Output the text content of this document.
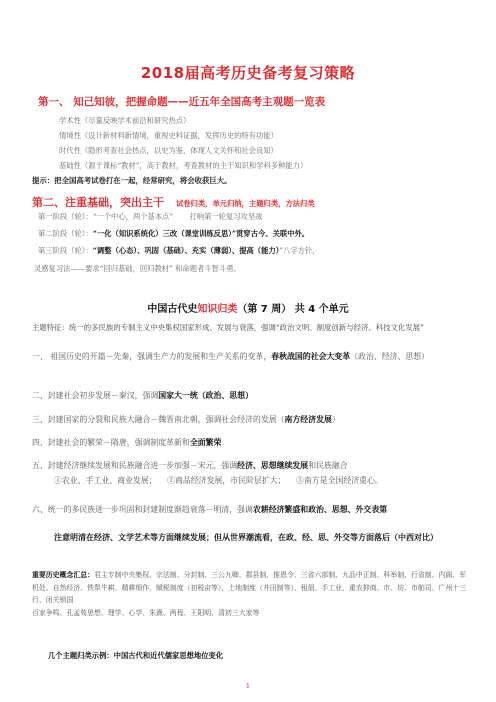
2018届高考历史备考复习策略
第一、 知己知彼，把握命题——近五年全国高考主观题一览表
学术性（尽量反映学术前沿和研究热点）
情境性（设计新材料新情境，重视史料证据，发挥历史的特有功能）
时代性（隐形考查社会热点，以史为鉴，体现人文关怀和社会良知）
基础性（源于课标“教材”，高于教材，考查教材的主干知识和学科多种能力）
提示：把全国高考试卷打在一起，经常研究，将会收获巨大。
第二、注重基础，突出主干 试卷归类，单元归纳，主题归类，方法归类
第一阶段（轮）：“一个中心，两个基本点” 打响第一轮复习攻坚战
第二阶段（轮）：“一化（知识系统化）三改（课堂训练反思）”贯穿古今、关联中外。
第三阶段（轮）：“调整（心态）、巩固（基础）、充实（薄弱）、提高（能力）”八字方针，
灵感复习法——要求“回归基础，回归教材” 和命题者斗智斗勇。
中国古代史知识归类（第 7 周） 共 4 个单元
主题特征：统一的多民族的专制主义中央集权国家形成、发展与衰落，强调“政治文明、制度创新与经济、科技文化发展”
一、 祖国历史的开篇－先秦，强调生产力的发展和生产关系的变革，春秋战国的社会大变革（政治、经济、思想）
二、封建社会初步发展－秦汉，强调国家大一统（政治、思想）
三、封建国家的分裂和民族大融合－魏晋南北朝，强调社会经济的发展（南方经济发展）
四、封建社会的繁荣－隋唐，强调制度革新和全面繁荣
五、封建经济继续发展和民族融合进一步加强－宋元，强调经济、思想继续发展和民族融合
①农业、手工业、商业发展； ②商品经济发展，市民阶层扩大； ③南方是全国经济重心。
六、统一的多民族进一步巩固和封建制度渐趋衰落－明清，强调农耕经济繁盛和政治、思想、外交表第
注意明清在经济、文学艺术等方面继续发展；但从世界潮流看，在政、经、思、外交等方面落后（中西对比）
重要历史概念汇总：君主专制中央集权、宗法制、分封制、三公九卿、郡县制、推恩令、三省六部制、九品中正制、科举制、行省制、内阁、军机处、自然经济、铁犁牛耕、精耕细作、赋税制度（初税亩等），土地制度（井田制等）、租佃、手工业、重农抑商、市、坊、市舶司、广州十三行、闭关锁国
百家争鸣、孔孟荀思想、理学、心学、朱熹、两程、王阳明、清初三大家等
几个主题归类示例：中国古代和近代儒家思想地位变化
1
